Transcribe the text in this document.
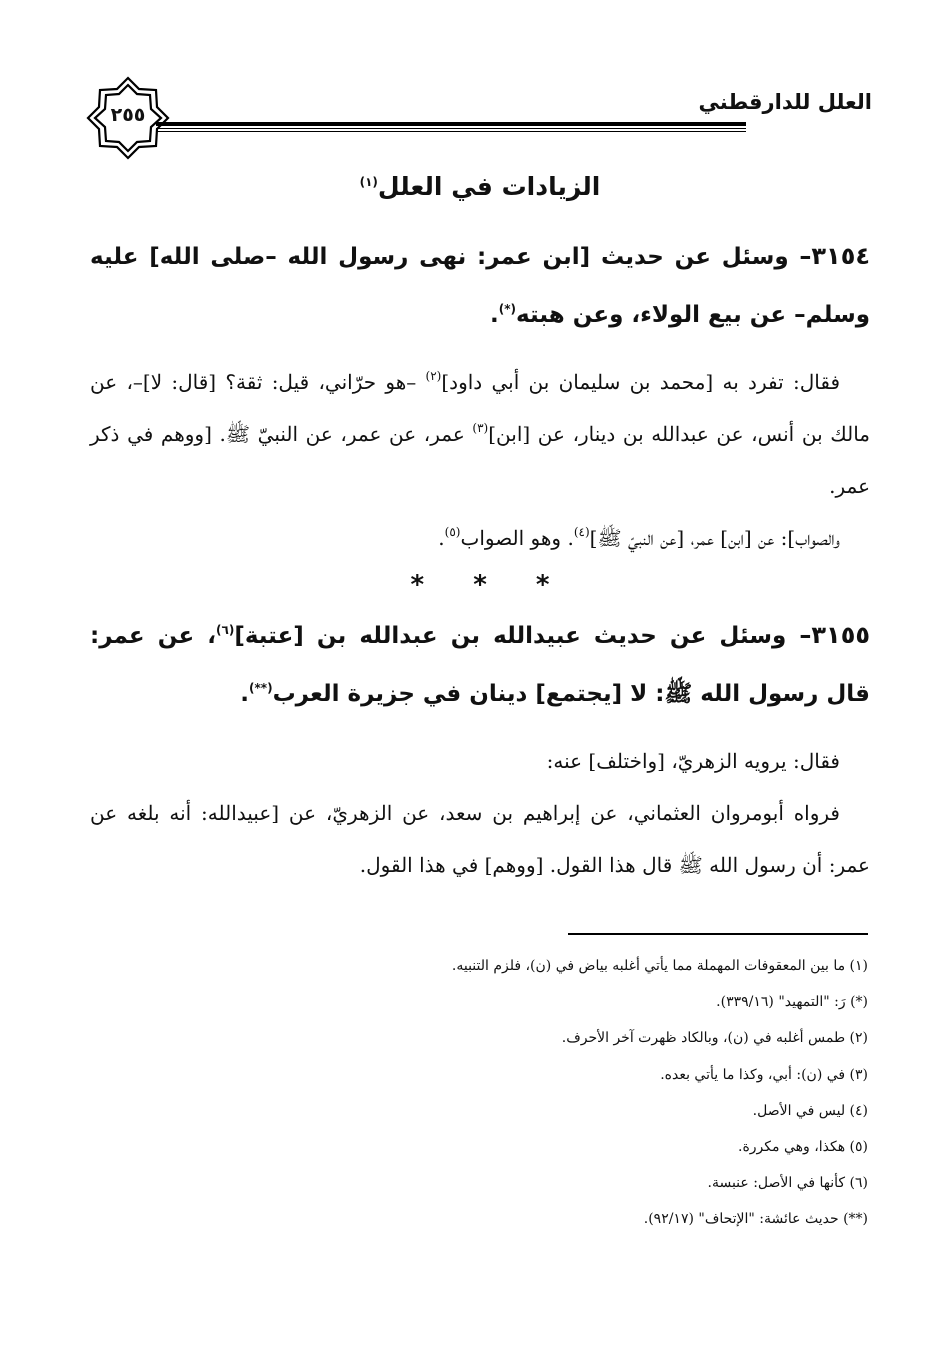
العلل للدارقطني
٢٥٥
الزيادات في العلل$^{(١)}$

٣١٥٤– وسئل عن حديث [ابن عمر: نهى رسول الله –صلى الله] عليه وسلم– عن بيع الولاء، وعن هبته(*).

فقال: تفرد به [محمد بن سليمان بن أبي داود]$^{(٢)}$ –هو حرّاني، قيل: ثقة؟ [قال: لا]–، عن مالك بن أنس، عن عبدالله بن دينار، عن [ابن]$^{(٣)}$ عمر، عن عمر، عن النبيّ ﷺ. [ووهم في ذكر عمر.

والصواب]: عن [ابن] عمر، [عن النبيّ ﷺ]$^{(٤)}$. وهو الصواب$^{(٥)}$.

* * *

٣١٥٥– وسئل عن حديث عبيدالله بن عبدالله بن [عتبة]$^{(٦)}$، عن عمر: قال رسول الله ﷺ: لا [يجتمع] دينان في جزيرة العرب(**).

فقال: يرويه الزهريّ، [واختلف] عنه:

فرواه أبومروان العثماني، عن إبراهيم بن سعد، عن الزهريّ، عن [عبيدالله: أنه بلغه عن عمر: أن رسول الله ﷺ قال هذا القول. [ووهم] في هذا القول.

(١) ما بين المعقوفات المهملة مما يأتي أغلبه بياض في (ن)، فلزم التنبيه.

(*) رَ: "التمهيد" (٣٣٩/١٦).

(٢) طمس أغلبه في (ن)، وبالكاد ظهرت آخر الأحرف.

(٣) في (ن): أبي، وكذا ما يأتي بعده.

(٤) ليس في الأصل.

(٥) هكذا، وهي مكررة.

(٦) كأنها في الأصل: عنبسة.

(**) حديث عائشة: "الإتحاف" (٩٢/١٧).
